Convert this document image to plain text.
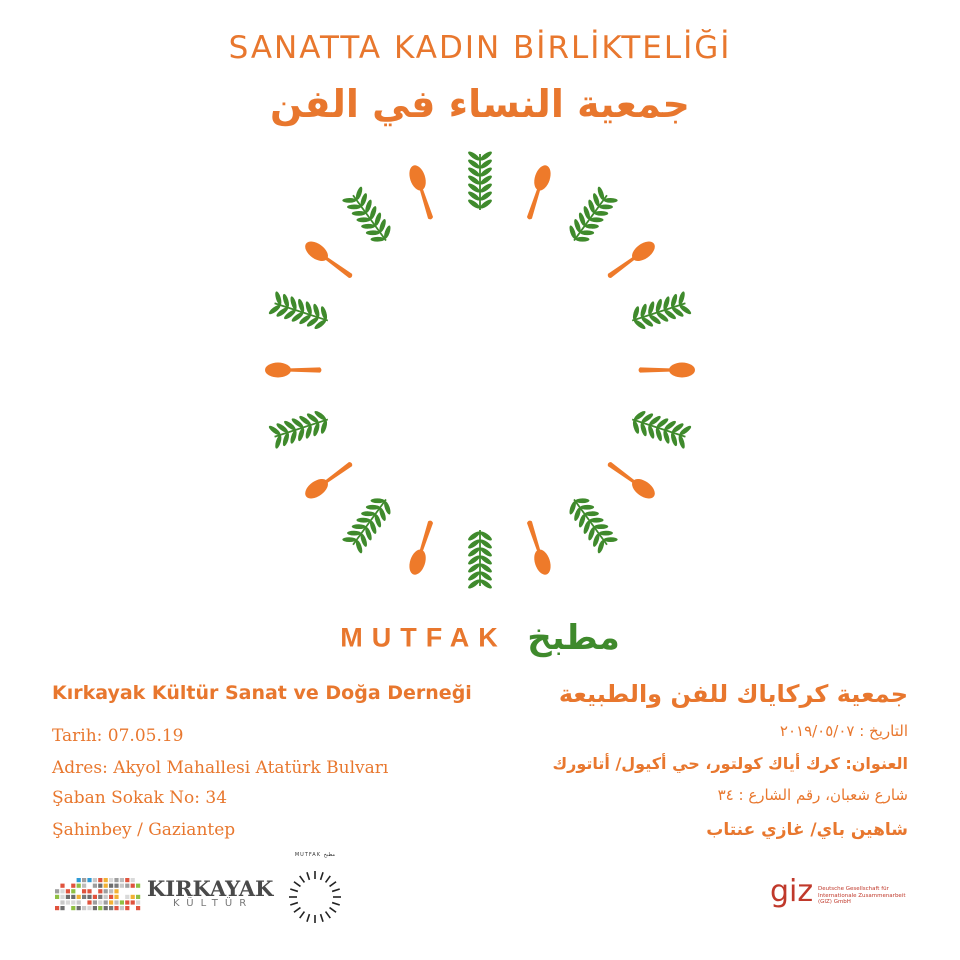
SANATTA KADIN BİRLİKTELİĞİ
جمعية النساء في الفن
MUTFAK مطبخ
Kırkayak Kültür Sanat ve Doğa Derneği
Tarih: 07.05.19
Adres: Akyol Mahallesi Atatürk Bulvarı
Şaban Sokak No: 34
Şahinbey / Gaziantep
جمعية كركاياك للفن والطبيعة
التاريخ : ٢٠١٩/٠٥/٠٧
العنوان: كرك أياك كولتور، حي أكيول/ أتاتورك
شارع شعبان، رقم الشارع : ٣٤
شاهين باي/ غازي عنتاب
KIRKAYAK
KÜLTÜR
MUTFAK مطبخ
giz Deutsche Gesellschaft für Internationale Zusammenarbeit (GIZ) GmbH
